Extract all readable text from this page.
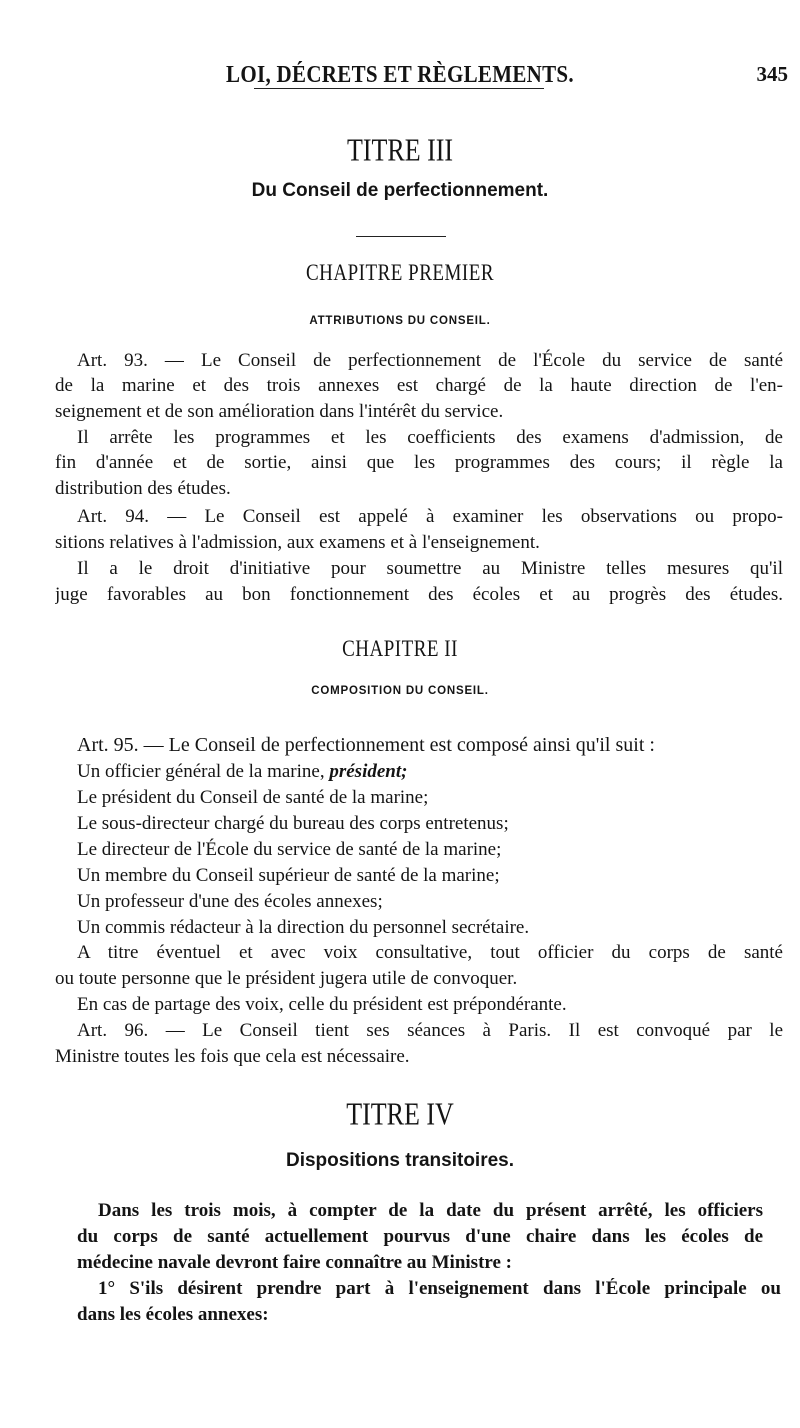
LOI, DÉCRETS ET RÈGLEMENTS.	345
TITRE III
Du Conseil de perfectionnement.
CHAPITRE PREMIER
ATTRIBUTIONS DU CONSEIL.
Art. 93. — Le Conseil de perfectionnement de l'École du service de santé
de la marine et des trois annexes est chargé de la haute direction de l'en-
seignement et de son amélioration dans l'intérêt du service.
Il arrête les programmes et les coefficients des examens d'admission, de
fin d'année et de sortie, ainsi que les programmes des cours; il règle la
distribution des études.
Art. 94. — Le Conseil est appelé à examiner les observations ou propo-
sitions relatives à l'admission, aux examens et à l'enseignement.
Il a le droit d'initiative pour soumettre au Ministre telles mesures qu'il
juge favorables au bon fonctionnement des écoles et au progrès des études.
CHAPITRE II
COMPOSITION DU CONSEIL.
Art. 95. — Le Conseil de perfectionnement est composé ainsi qu'il suit :
Un officier général de la marine, président;
Le président du Conseil de santé de la marine;
Le sous-directeur chargé du bureau des corps entretenus;
Le directeur de l'École du service de santé de la marine;
Un membre du Conseil supérieur de santé de la marine;
Un professeur d'une des écoles annexes;
Un commis rédacteur à la direction du personnel secrétaire.
A titre éventuel et avec voix consultative, tout officier du corps de santé
ou toute personne que le président jugera utile de convoquer.
En cas de partage des voix, celle du président est prépondérante.
Art. 96. — Le Conseil tient ses séances à Paris. Il est convoqué par le
Ministre toutes les fois que cela est nécessaire.
TITRE IV
Dispositions transitoires.
Dans les trois mois, à compter de la date du présent arrêté, les officiers
du corps de santé actuellement pourvus d'une chaire dans les écoles de
médecine navale devront faire connaître au Ministre :
1° S'ils désirent prendre part à l'enseignement dans l'École principale ou
dans les écoles annexes:
